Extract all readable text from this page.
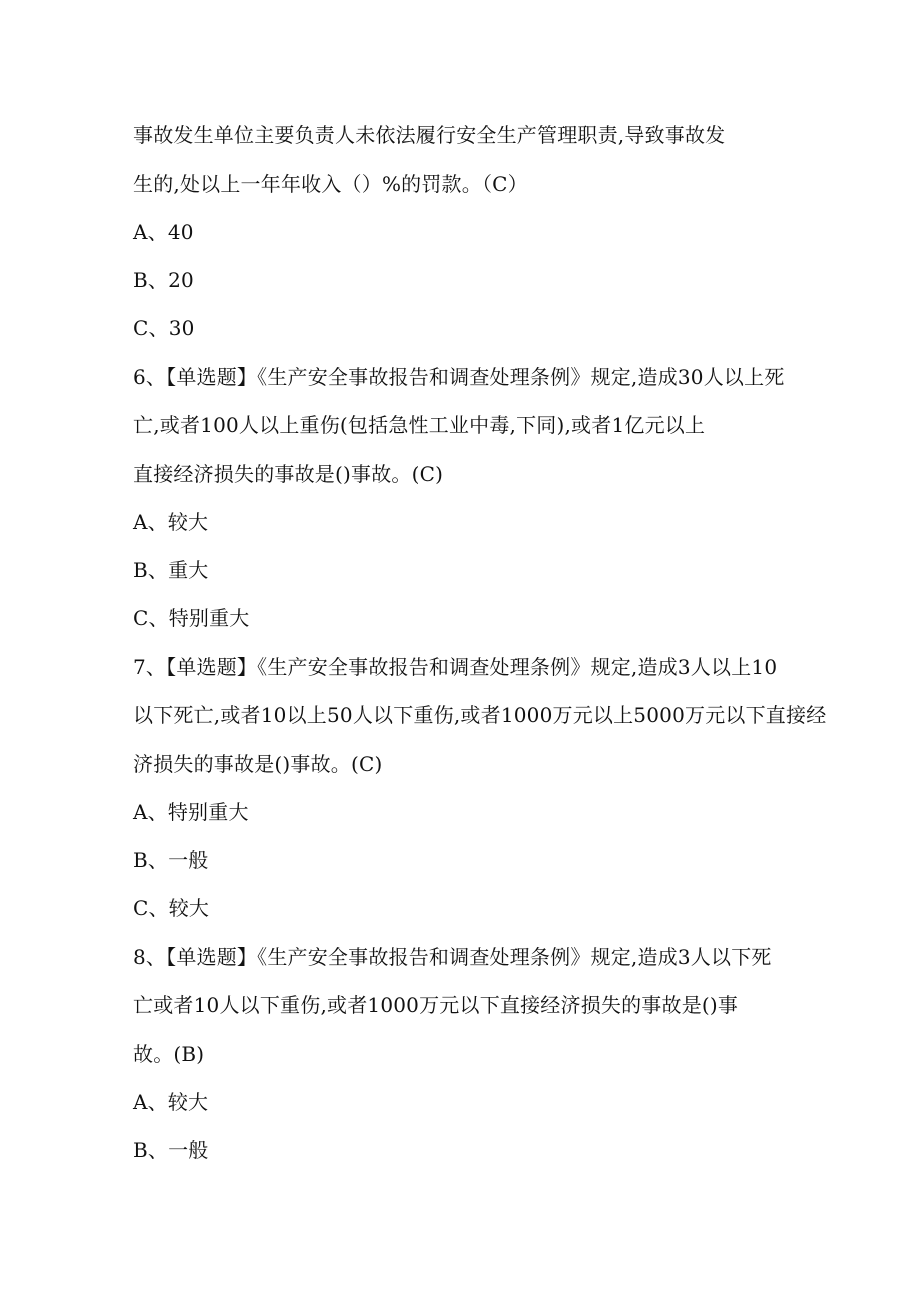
事故发生单位主要负责人未依法履行安全生产管理职责,导致事故发
生的,处以上一年年收入（）%的罚款。（C）
A、40
B、20
C、30
6、【单选题】《生产安全事故报告和调查处理条例》规定,造成30人以上死
亡,或者100人以上重伤(包括急性工业中毒,下同),或者1亿元以上
直接经济损失的事故是()事故。(C)
A、较大
B、重大
C、特别重大
7、【单选题】《生产安全事故报告和调查处理条例》规定,造成3人以上10
以下死亡,或者10以上50人以下重伤,或者1000万元以上5000万元以下直接经
济损失的事故是()事故。(C)
A、特别重大
B、一般
C、较大
8、【单选题】《生产安全事故报告和调查处理条例》规定,造成3人以下死
亡或者10人以下重伤,或者1000万元以下直接经济损失的事故是()事
故。(B)
A、较大
B、一般
